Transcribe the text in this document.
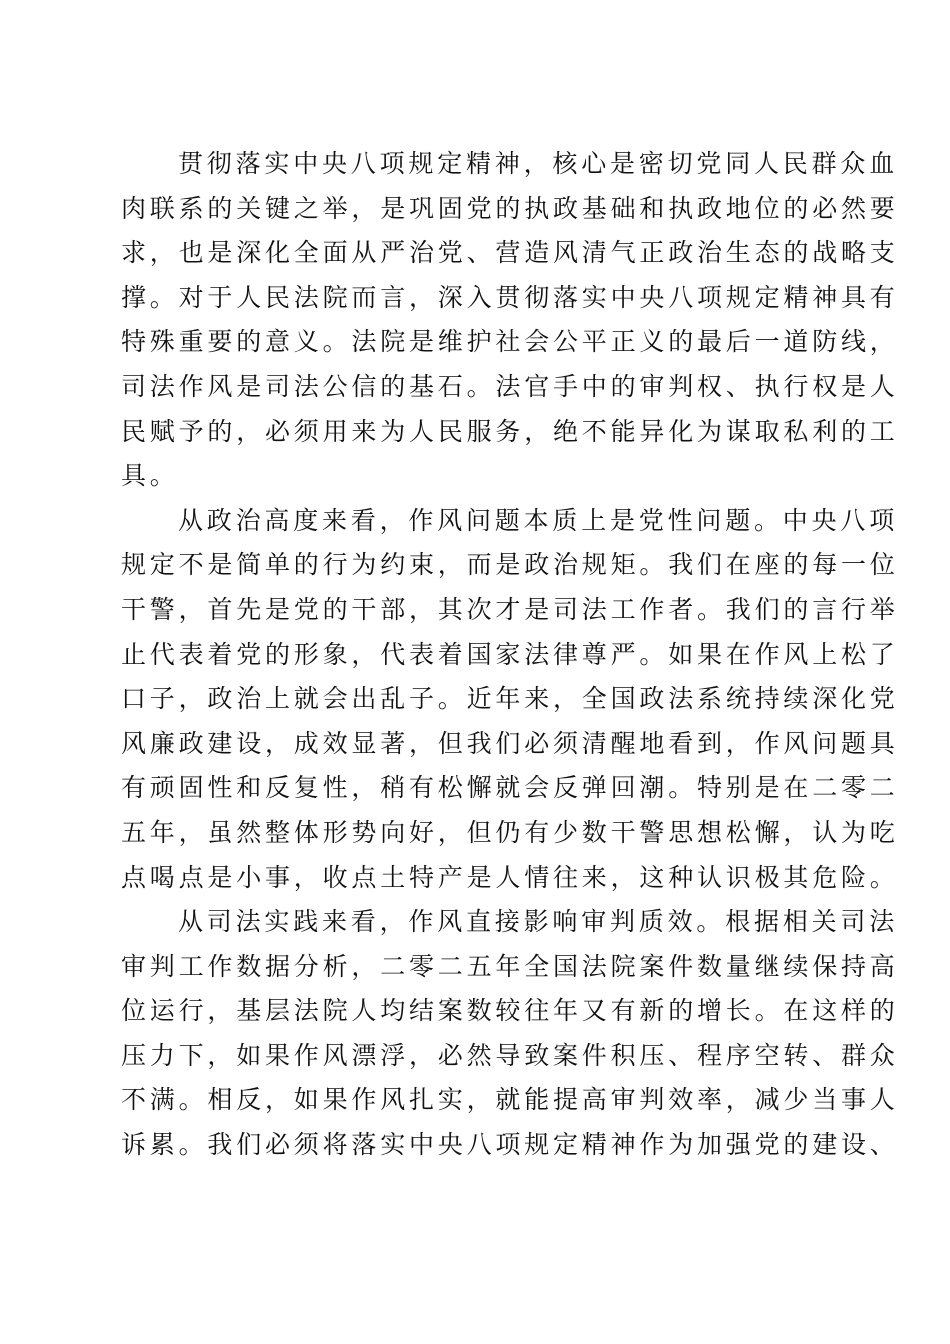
贯彻落实中央八项规定精神，核心是密切党同人民群众血
肉联系的关键之举，是巩固党的执政基础和执政地位的必然要
求，也是深化全面从严治党、营造风清气正政治生态的战略支
撑。对于人民法院而言，深入贯彻落实中央八项规定精神具有
特殊重要的意义。法院是维护社会公平正义的最后一道防线，
司法作风是司法公信的基石。法官手中的审判权、执行权是人
民赋予的，必须用来为人民服务，绝不能异化为谋取私利的工
具。
从政治高度来看，作风问题本质上是党性问题。中央八项
规定不是简单的行为约束，而是政治规矩。我们在座的每一位
干警，首先是党的干部，其次才是司法工作者。我们的言行举
止代表着党的形象，代表着国家法律尊严。如果在作风上松了
口子，政治上就会出乱子。近年来，全国政法系统持续深化党
风廉政建设，成效显著，但我们必须清醒地看到，作风问题具
有顽固性和反复性，稍有松懈就会反弹回潮。特别是在二零二
五年，虽然整体形势向好，但仍有少数干警思想松懈，认为吃
点喝点是小事，收点土特产是人情往来，这种认识极其危险。
从司法实践来看，作风直接影响审判质效。根据相关司法
审判工作数据分析，二零二五年全国法院案件数量继续保持高
位运行，基层法院人均结案数较往年又有新的增长。在这样的
压力下，如果作风漂浮，必然导致案件积压、程序空转、群众
不满。相反，如果作风扎实，就能提高审判效率，减少当事人
诉累。我们必须将落实中央八项规定精神作为加强党的建设、
